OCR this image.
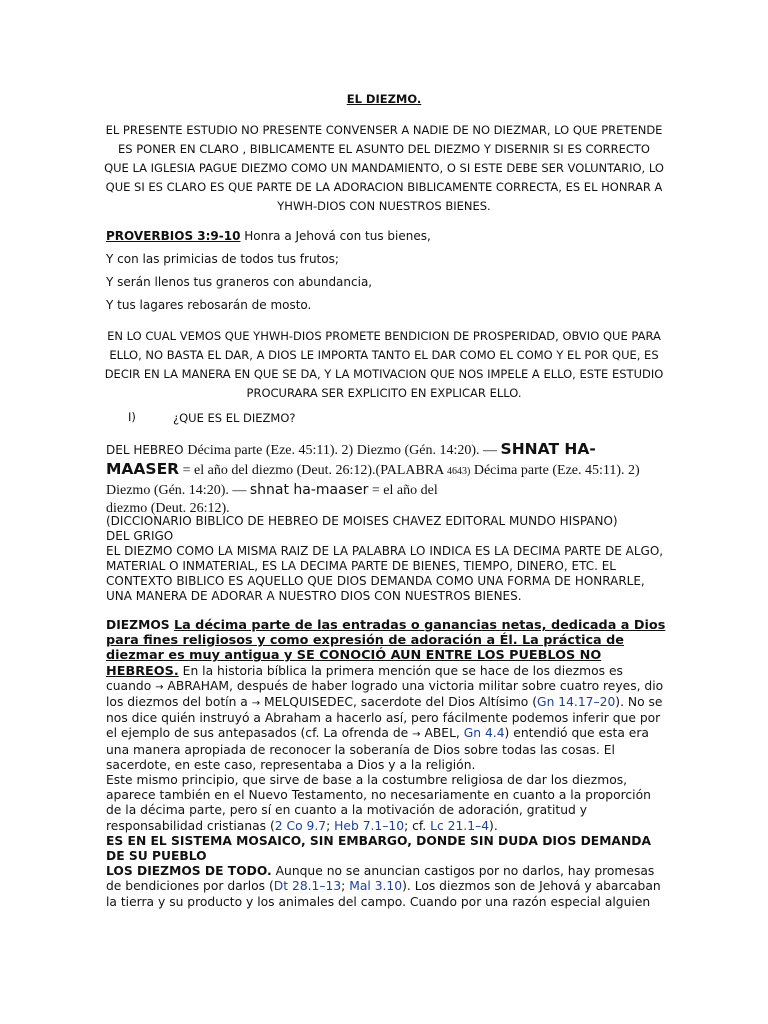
EL DIEZMO.
EL PRESENTE ESTUDIO NO PRESENTE CONVENSER A NADIE DE NO DIEZMAR, LO QUE PRETENDE ES PONER EN CLARO , BIBLICAMENTE EL ASUNTO DEL DIEZMO Y DISERNIR SI ES CORRECTO QUE LA IGLESIA PAGUE DIEZMO COMO UN MANDAMIENTO, O SI ESTE DEBE SER VOLUNTARIO, LO QUE SI ES CLARO ES QUE PARTE DE LA ADORACION BIBLICAMENTE CORRECTA, ES EL HONRAR A YHWH-DIOS CON NUESTROS BIENES.
PROVERBIOS 3:9-10 Honra a Jehová con tus bienes,
Y con las primicias de todos tus frutos;
Y serán llenos tus graneros con abundancia,
Y tus lagares rebosarán de mosto.
EN LO CUAL VEMOS QUE YHWH-DIOS PROMETE BENDICION DE PROSPERIDAD, OBVIO QUE PARA ELLO, NO BASTA EL DAR, A DIOS LE IMPORTA TANTO EL DAR COMO EL COMO Y EL POR QUE, ES DECIR EN LA MANERA EN QUE SE DA, Y LA MOTIVACION QUE NOS IMPELE A ELLO, ESTE ESTUDIO PROCURARA SER EXPLICITO EN EXPLICAR ELLO.
I)	¿QUE ES EL DIEZMO?
DEL HEBREO Décima parte (Eze. 45:11). 2) Diezmo (Gén. 14:20). — SHNAT HA-MAASER = el año del diezmo (Deut. 26:12).(PALABRA 4643) Décima parte (Eze. 45:11). 2) Diezmo (Gén. 14:20). — shnat ha-maaser = el año del
diezmo (Deut. 26:12).

(DICCIONARIO BIBLICO DE HEBREO DE MOISES CHAVEZ EDITORAL MUNDO HISPANO)

DEL GRIGO

EL DIEZMO COMO LA MISMA RAIZ DE LA PALABRA LO INDICA ES LA DECIMA PARTE DE ALGO, MATERIAL O INMATERIAL, ES LA DECIMA PARTE DE BIENES, TIEMPO, DINERO, ETC. EL CONTEXTO BIBLICO ES AQUELLO QUE DIOS DEMANDA COMO UNA FORMA DE HONRARLE, UNA MANERA DE ADORAR A NUESTRO DIOS CON NUESTROS BIENES.

DIEZMOS La décima parte de las entradas o ganancias netas, dedicada a Dios para fines religiosos y como expresión de adoración a Él. La práctica de diezmar es muy antigua y SE CONOCIÓ AUN ENTRE LOS PUEBLOS NO HEBREOS. En la historia bíblica la primera mención que se hace de los diezmos es cuando → ABRAHAM, después de haber logrado una victoria militar sobre cuatro reyes, dio los diezmos del botín a → MELQUISEDEC, sacerdote del Dios Altísimo (Gn 14.17–20). No se nos dice quién instruyó a Abraham a hacerlo así, pero fácilmente podemos inferir que por el ejemplo de sus antepasados (cf. La ofrenda de → ABEL, Gn 4.4) entendió que esta era una manera apropiada de reconocer la soberanía de Dios sobre todas las cosas. El sacerdote, en este caso, representaba a Dios y a la religión.

Este mismo principio, que sirve de base a la costumbre religiosa de dar los diezmos, aparece también en el Nuevo Testamento, no necesariamente en cuanto a la proporción de la décima parte, pero sí en cuanto a la motivación de adoración, gratitud y responsabilidad cristianas (2 Co 9.7; Heb 7.1–10; cf. Lc 21.1–4).

ES EN EL SISTEMA MOSAICO, SIN EMBARGO, DONDE SIN DUDA DIOS DEMANDA DE SU PUEBLO

LOS DIEZMOS DE TODO. Aunque no se anuncian castigos por no darlos, hay promesas de bendiciones por darlos (Dt 28.1–13; Mal 3.10). Los diezmos son de Jehová y abarcaban la tierra y su producto y los animales del campo. Cuando por una razón especial alguien
